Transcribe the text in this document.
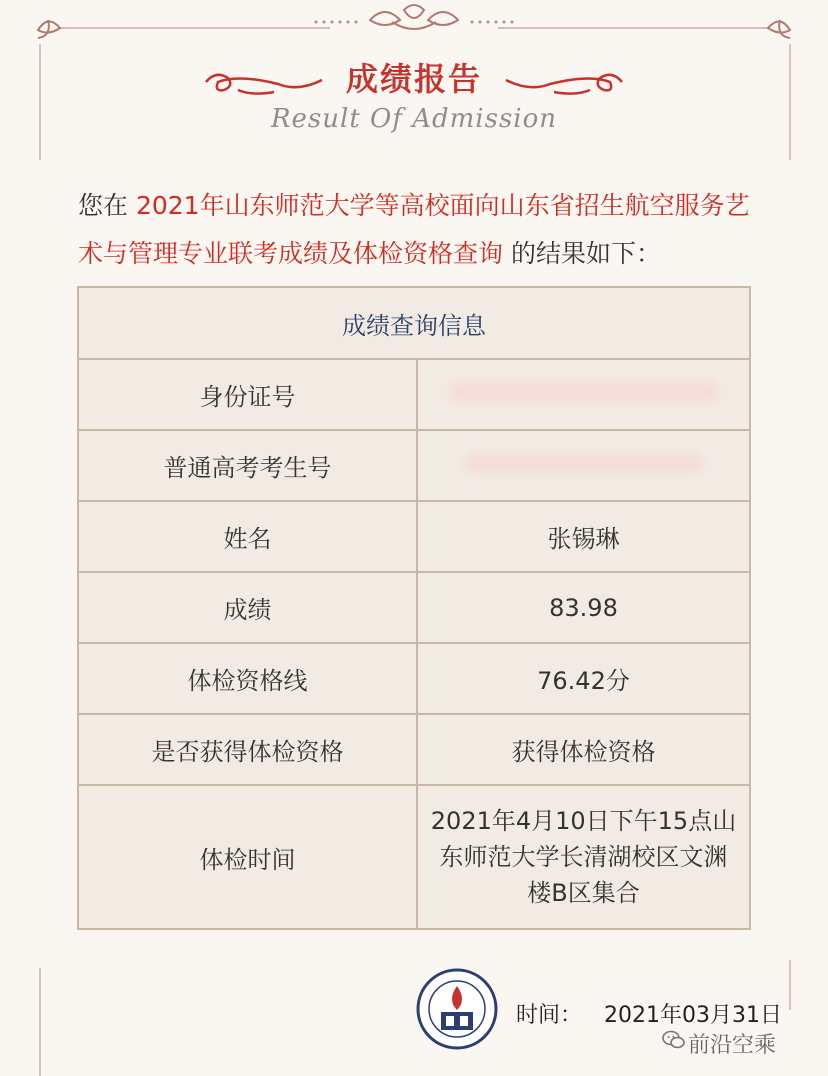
成绩报告
Result Of Admission
您在 2021年山东师范大学等高校面向山东省招生航空服务艺术与管理专业联考成绩及体检资格查询 的结果如下：
成绩查询信息	
身份证号	
普通高考考生号	
姓名	张锡琳
成绩	83.98
体检资格线	76.42分
是否获得体检资格	获得体检资格
体检时间	2021年4月10日下午15点山东师范大学长清湖校区文渊楼B区集合
时间： 2021年03月31日
前沿空乘
